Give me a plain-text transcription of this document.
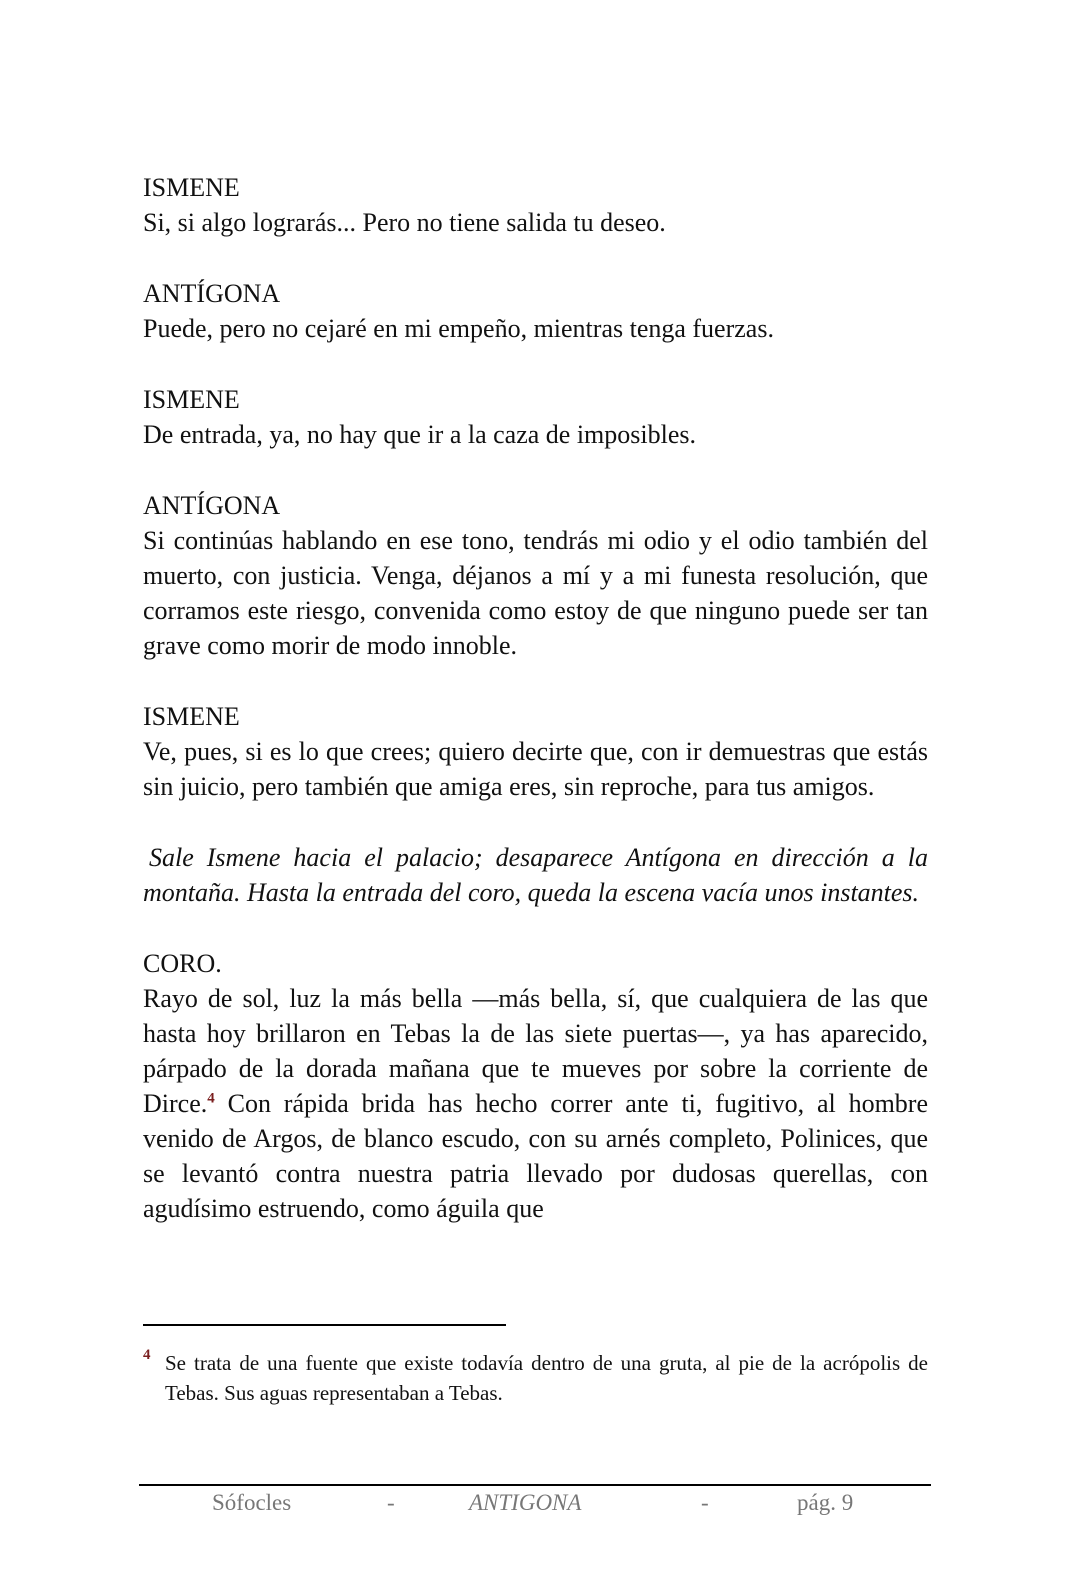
ISMENE

Si, si algo lograrás... Pero no tiene salida tu deseo.

ANTÍGONA

Puede, pero no cejaré en mi empeño, mientras tenga fuerzas.

ISMENE

De entrada, ya, no hay que ir a la caza de imposibles.

ANTÍGONA

Si continúas hablando en ese tono, tendrás mi odio y el odio también del muerto, con justicia. Venga, déjanos a mí y a mi funesta resolución, que corramos este riesgo, convenida como estoy de que ninguno puede ser tan grave como morir de modo innoble.

ISMENE

Ve, pues, si es lo que crees; quiero decirte que, con ir demuestras que estás sin juicio, pero también que amiga eres, sin reproche, para tus amigos.

Sale Ismene hacia el palacio; desaparece Antígona en dirección a la montaña. Hasta la entrada del coro, queda la escena vacía unos instantes.

CORO.

Rayo de sol, luz la más bella —más bella, sí, que cualquiera de las que hasta hoy brillaron en Tebas la de las siete puertas—, ya has aparecido, párpado de la dorada mañana que te mueves por sobre la corriente de Dirce.$^4$ Con rápida brida has hecho correr ante ti, fugitivo, al hombre venido de Argos, de blanco escudo, con su arnés completo, Polinices, que se levantó contra nuestra patria llevado por dudosas querellas, con agudísimo estruendo, como águila que

4 Se trata de una fuente que existe todavía dentro de una gruta, al pie de la acrópolis de Tebas. Sus aguas representaban a Tebas.
Sófocles	-	ANTIGONA	-	pág. 9
